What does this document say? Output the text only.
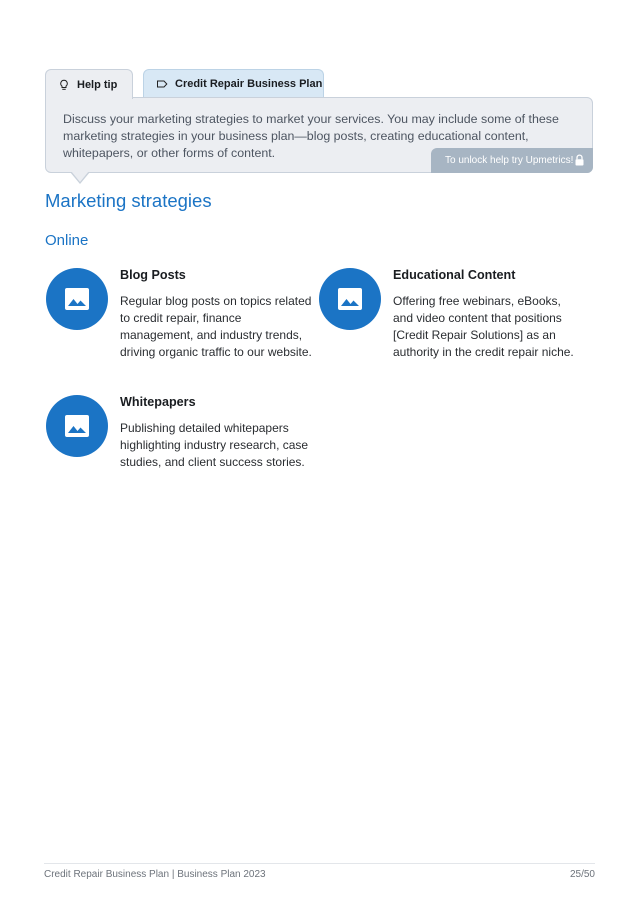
Help tip	Credit Repair Business Plan

Discuss your marketing strategies to market your services. You may include some of these marketing strategies in your business plan—blog posts, creating educational content, whitepapers, or other forms of content.

To unlock help try Upmetrics!
Marketing strategies
Online
Blog Posts
Regular blog posts on topics related to credit repair, finance management, and industry trends, driving organic traffic to our website.
Educational Content
Offering free webinars, eBooks, and video content that positions [Credit Repair Solutions] as an authority in the credit repair niche.
Whitepapers
Publishing detailed whitepapers highlighting industry research, case studies, and client success stories.
Credit Repair Business Plan | Business Plan 2023	25/50
